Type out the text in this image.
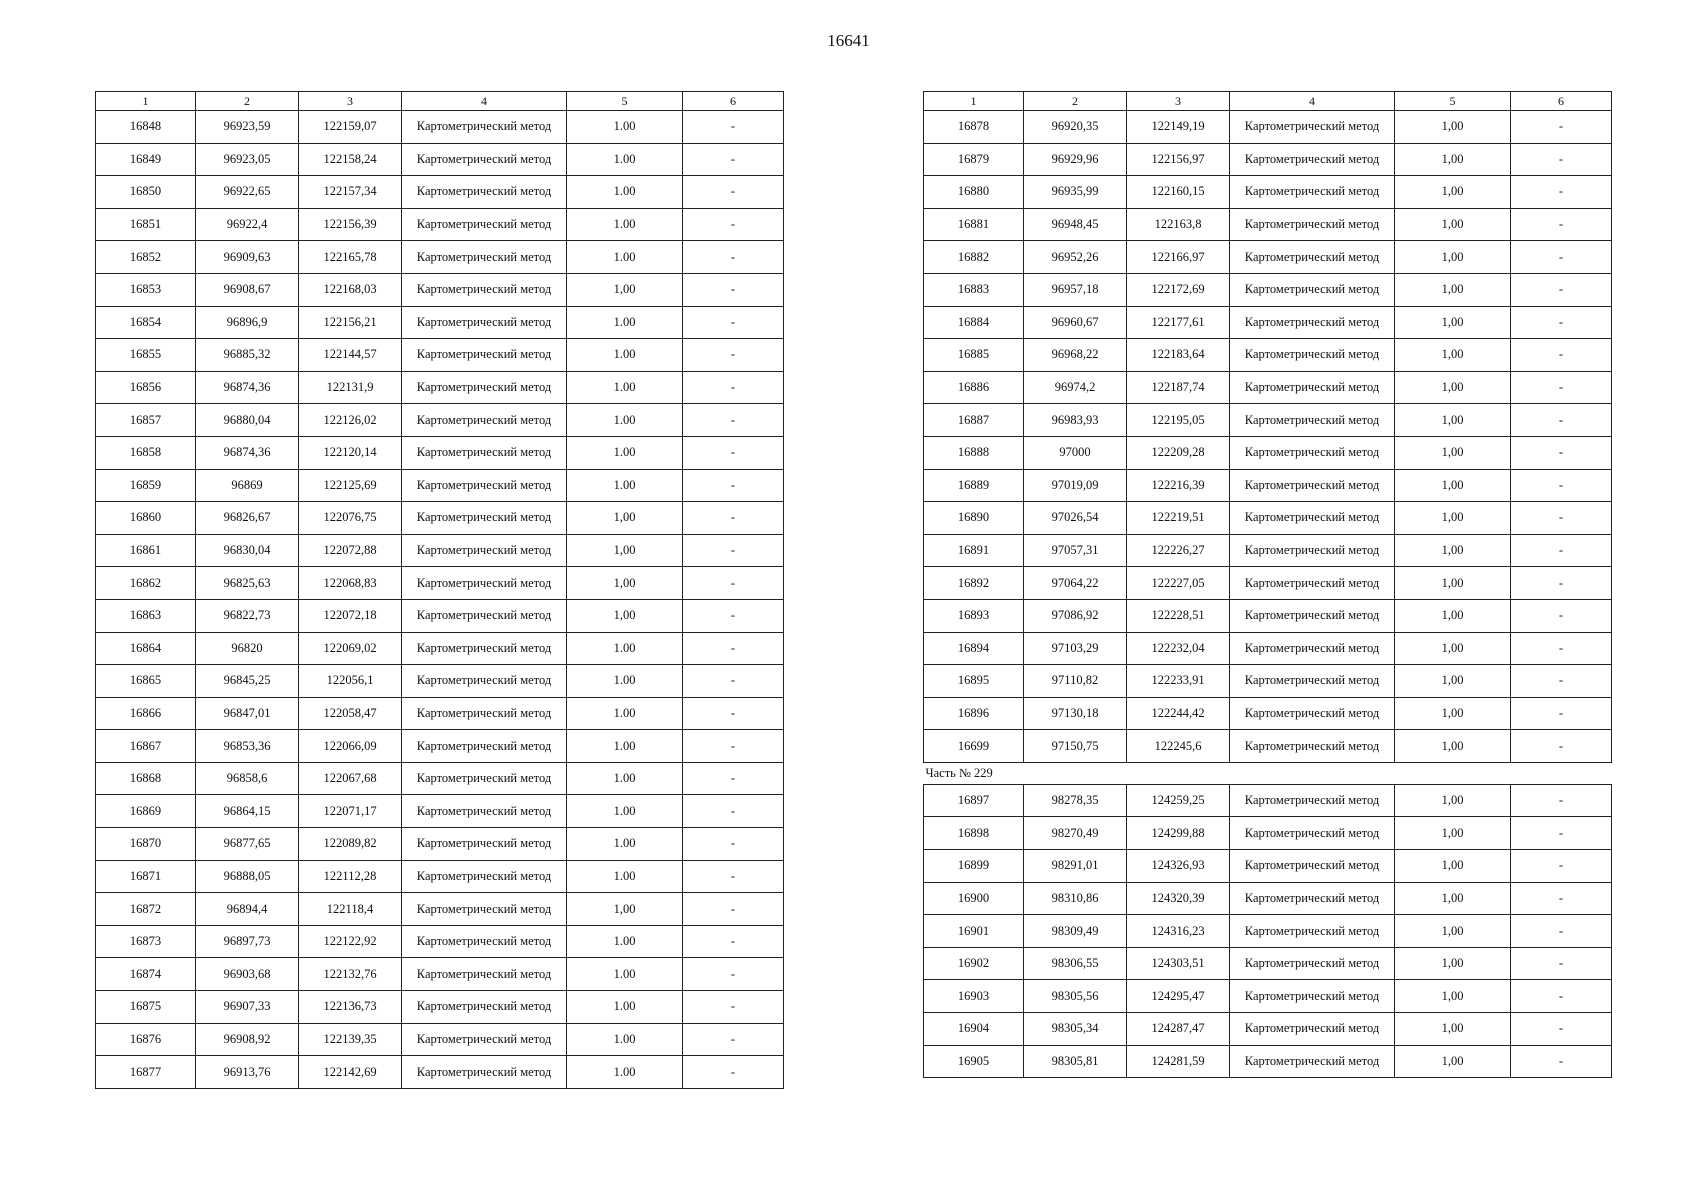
16641
1	2	3	4	5	6
16848	96923,59	122159,07	Картометрический метод	1.00	-
16849	96923,05	122158,24	Картометрический метод	1.00	-
16850	96922,65	122157,34	Картометрический метод	1.00	-
16851	96922,4	122156,39	Картометрический метод	1.00	-
16852	96909,63	122165,78	Картометрический метод	1.00	-
16853	96908,67	122168,03	Картометрический метод	1,00	-
16854	96896,9	122156,21	Картометрический метод	1.00	-
16855	96885,32	122144,57	Картометрический метод	1.00	-
16856	96874,36	122131,9	Картометрический метод	1.00	-
16857	96880,04	122126,02	Картометрический метод	1.00	-
16858	96874,36	122120,14	Картометрический метод	1.00	-
16859	96869	122125,69	Картометрический метод	1.00	-
16860	96826,67	122076,75	Картометрический метод	1,00	-
16861	96830,04	122072,88	Картометрический метод	1,00	-
16862	96825,63	122068,83	Картометрический метод	1,00	-
16863	96822,73	122072,18	Картометрический метод	1,00	-
16864	96820	122069,02	Картометрический метод	1.00	-
16865	96845,25	122056,1	Картометрический метод	1.00	-
16866	96847,01	122058,47	Картометрический метод	1.00	-
16867	96853,36	122066,09	Картометрический метод	1.00	-
16868	96858,6	122067,68	Картометрический метод	1.00	-
16869	96864,15	122071,17	Картометрический метод	1.00	-
16870	96877,65	122089,82	Картометрический метод	1.00	-
16871	96888,05	122112,28	Картометрический метод	1.00	-
16872	96894,4	122118,4	Картометрический метод	1,00	-
16873	96897,73	122122,92	Картометрический метод	1.00	-
16874	96903,68	122132,76	Картометрический метод	1.00	-
16875	96907,33	122136,73	Картометрический метод	1.00	-
16876	96908,92	122139,35	Картометрический метод	1.00	-
16877	96913,76	122142,69	Картометрический метод	1.00	-
1	2	3	4	5	6
16878	96920,35	122149,19	Картометрический метод	1,00	-
16879	96929,96	122156,97	Картометрический метод	1,00	-
16880	96935,99	122160,15	Картометрический метод	1,00	-
16881	96948,45	122163,8	Картометрический метод	1,00	-
16882	96952,26	122166,97	Картометрический метод	1,00	-
16883	96957,18	122172,69	Картометрический метод	1,00	-
16884	96960,67	122177,61	Картометрический метод	1,00	-
16885	96968,22	122183,64	Картометрический метод	1,00	-
16886	96974,2	122187,74	Картометрический метод	1,00	-
16887	96983,93	122195,05	Картометрический метод	1,00	-
16888	97000	122209,28	Картометрический метод	1,00	-
16889	97019,09	122216,39	Картометрический метод	1,00	-
16890	97026,54	122219,51	Картометрический метод	1,00	-
16891	97057,31	122226,27	Картометрический метод	1,00	-
16892	97064,22	122227,05	Картометрический метод	1,00	-
16893	97086,92	122228,51	Картометрический метод	1,00	-
16894	97103,29	122232,04	Картометрический метод	1,00	-
16895	97110,82	122233,91	Картометрический метод	1,00	-
16896	97130,18	122244,42	Картометрический метод	1,00	-
16699	97150,75	122245,6	Картометрический метод	1,00	-
Часть № 229					
16897	98278,35	124259,25	Картометрический метод	1,00	-
16898	98270,49	124299,88	Картометрический метод	1,00	-
16899	98291,01	124326,93	Картометрический метод	1,00	-
16900	98310,86	124320,39	Картометрический метод	1,00	-
16901	98309,49	124316,23	Картометрический метод	1,00	-
16902	98306,55	124303,51	Картометрический метод	1,00	-
16903	98305,56	124295,47	Картометрический метод	1,00	-
16904	98305,34	124287,47	Картометрический метод	1,00	-
16905	98305,81	124281,59	Картометрический метод	1,00	-
